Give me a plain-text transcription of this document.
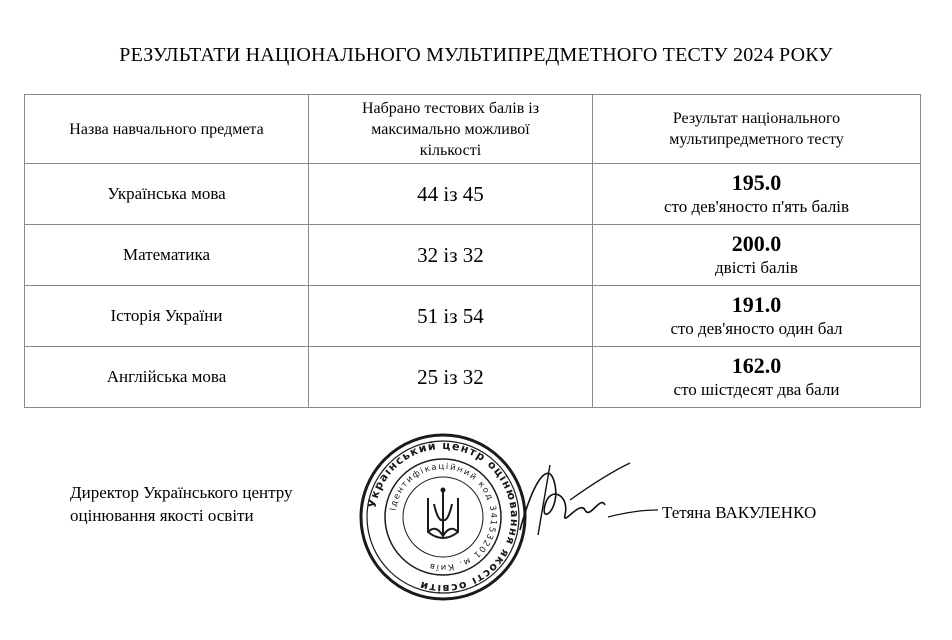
РЕЗУЛЬТАТИ НАЦІОНАЛЬНОГО МУЛЬТИПРЕДМЕТНОГО ТЕСТУ 2024 РОКУ
Назва навчального предмета	Набрано тестових балів із максимально можливої кількості	Результат національного мультипредметного тесту

Українська мова	44 із 45	195.0
сто дев'яносто п'ять балів

Математика	32 із 32	200.0
двісті балів

Історія України	51 із 54	191.0
сто дев'яносто один бал

Англійська мова	25 із 32	162.0
сто шістдесят два бали
Директор Українського центру
оцінювання якості освіти
Український центр оцінювання якості освіти
Ідентифікаційний код 34153201 м. Київ
Тетяна ВАКУЛЕНКО
